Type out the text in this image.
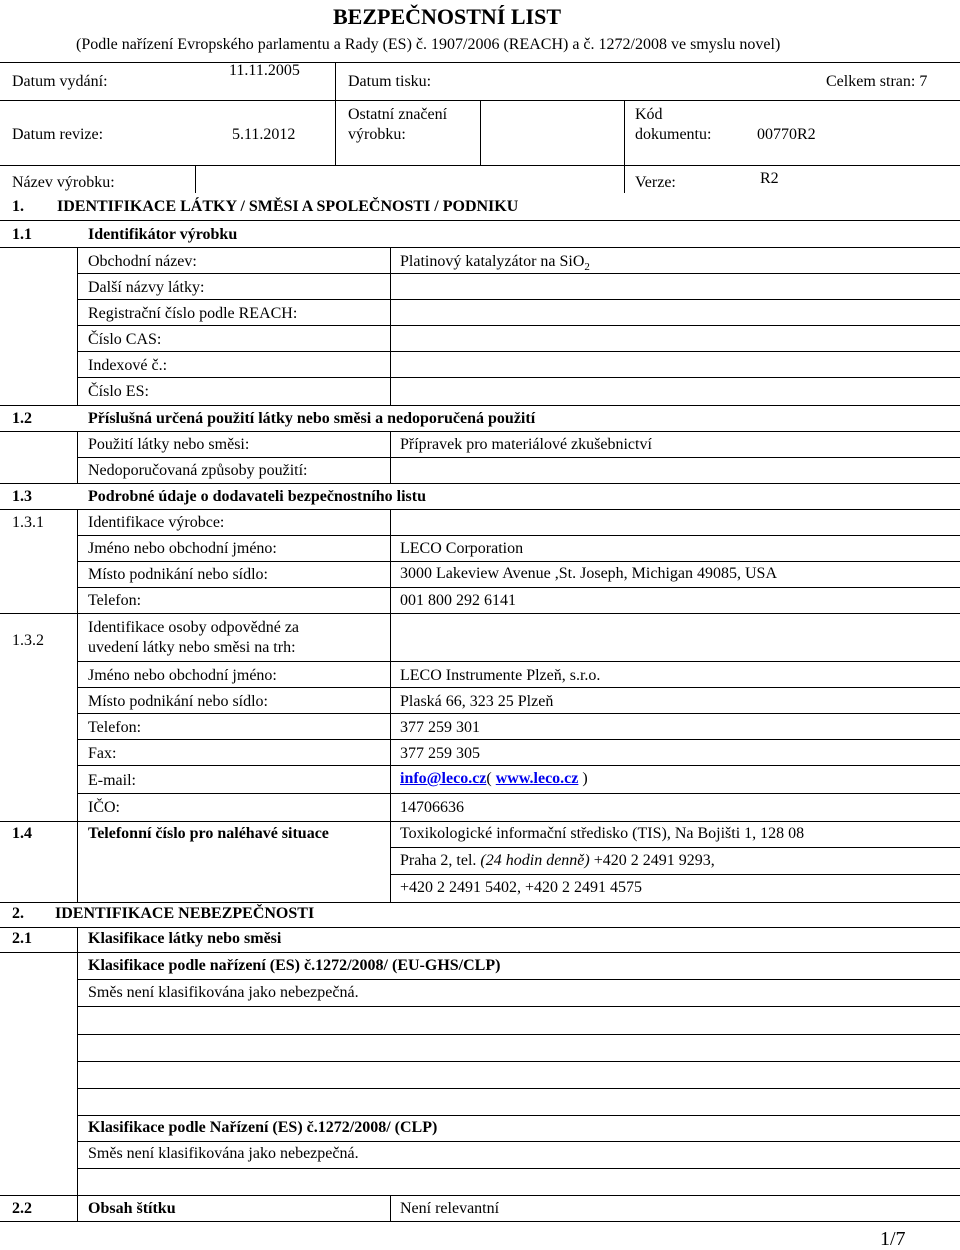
BEZPEČNOSTNÍ LIST
(Podle nařízení Evropského parlamentu a Rady (ES) č. 1907/2006 (REACH) a č. 1272/2008 ve smyslu novel)
Datum vydání:
11.11.2005
Datum tisku:	Celkem stran: 7
Datum revize:	5.11.2012
Ostatní značení
výrobku:
Kód
dokumentu:	00770R2
Název výrobku:	Verze:	R2
1. IDENTIFIKACE LÁTKY / SMĚSI A SPOLEČNOSTI / PODNIKU
1.1	Identifikátor výrobku
Obchodní název:	Platinový katalyzátor na SiO$_2$
Další názvy látky:
Registrační číslo podle REACH:
Číslo CAS:
Indexové č.:
Číslo ES:
1.2	Příslušná určená použití látky nebo směsi a nedoporučená použití
Použití látky nebo směsi:	Přípravek pro materiálové zkušebnictví
Nedoporučovaná způsoby použití:
1.3	Podrobné údaje o dodavateli bezpečnostního listu
1.3.1	Identifikace výrobce:
Jméno nebo obchodní jméno:	LECO Corporation
Místo podnikání nebo sídlo:	3000 Lakeview Avenue ,St. Joseph, Michigan 49085, USA
Telefon:	001 800 292 6141
1.3.2
Identifikace osoby odpovědné za
uvedení látky nebo směsi na trh:
Jméno nebo obchodní jméno:	LECO Instrumente Plzeň, s.r.o.
Místo podnikání nebo sídlo:	Plaská 66, 323 25 Plzeň
Telefon:	377 259 301
Fax:	377 259 305
E-mail:	info@leco.cz( www.leco.cz )
IČO:	14706636
1.4	Telefonní číslo pro naléhavé situace	Toxikologické informační středisko (TIS), Na Bojišti 1, 128 08
Praha 2, tel. (24 hodin denně) +420 2 2491 9293,
+420 2 2491 5402, +420 2 2491 4575
2. IDENTIFIKACE NEBEZPEČNOSTI
2.1	Klasifikace látky nebo směsi
Klasifikace podle nařízení (ES) č.1272/2008/ (EU-GHS/CLP)
Směs není klasifikována jako nebezpečná.
Klasifikace podle Nařízení (ES) č.1272/2008/ (CLP)
Směs není klasifikována jako nebezpečná.
2.2	Obsah štítku	Není relevantní
1/7
